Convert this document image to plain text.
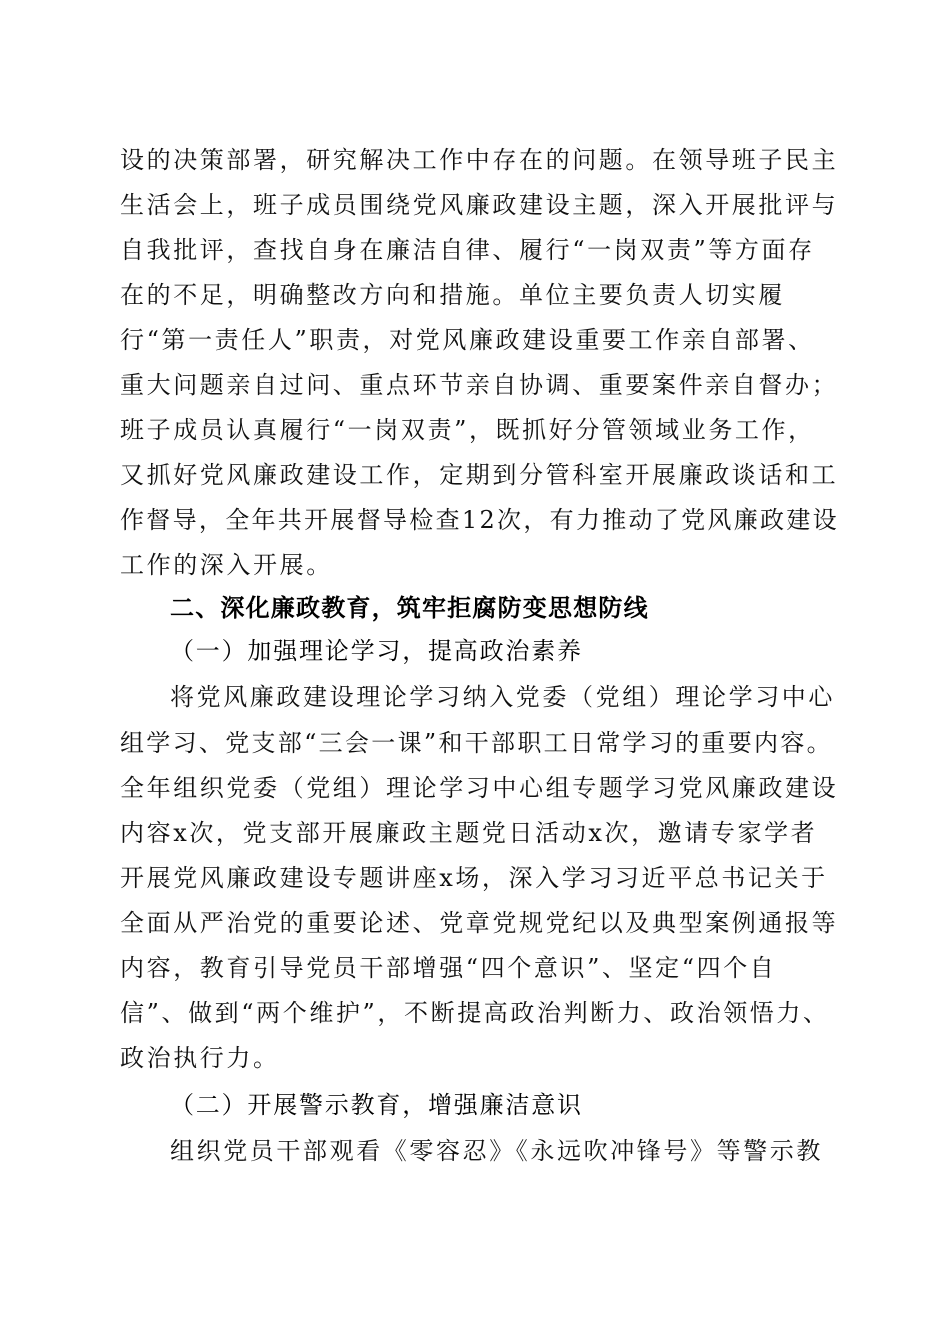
设的决策部署，研究解决工作中存在的问题。在领导班子民主
生活会上，班子成员围绕党风廉政建设主题，深入开展批评与
自我批评，查找自身在廉洁自律、履行“一岗双责”等方面存
在的不足，明确整改方向和措施。单位主要负责人切实履
行“第一责任人”职责，对党风廉政建设重要工作亲自部署、
重大问题亲自过问、重点环节亲自协调、重要案件亲自督办；
班子成员认真履行“一岗双责”，既抓好分管领域业务工作，
又抓好党风廉政建设工作，定期到分管科室开展廉政谈话和工
作督导，全年共开展督导检查12次，有力推动了党风廉政建设
工作的深入开展。
二、深化廉政教育，筑牢拒腐防变思想防线
（一）加强理论学习，提高政治素养
将党风廉政建设理论学习纳入党委（党组）理论学习中心
组学习、党支部“三会一课”和干部职工日常学习的重要内容。
全年组织党委（党组）理论学习中心组专题学习党风廉政建设
内容x次，党支部开展廉政主题党日活动x次，邀请专家学者
开展党风廉政建设专题讲座x场，深入学习习近平总书记关于
全面从严治党的重要论述、党章党规党纪以及典型案例通报等
内容，教育引导党员干部增强“四个意识”、坚定“四个自
信”、做到“两个维护”，不断提高政治判断力、政治领悟力、
政治执行力。
（二）开展警示教育，增强廉洁意识
组织党员干部观看《零容忍》《永远吹冲锋号》等警示教
